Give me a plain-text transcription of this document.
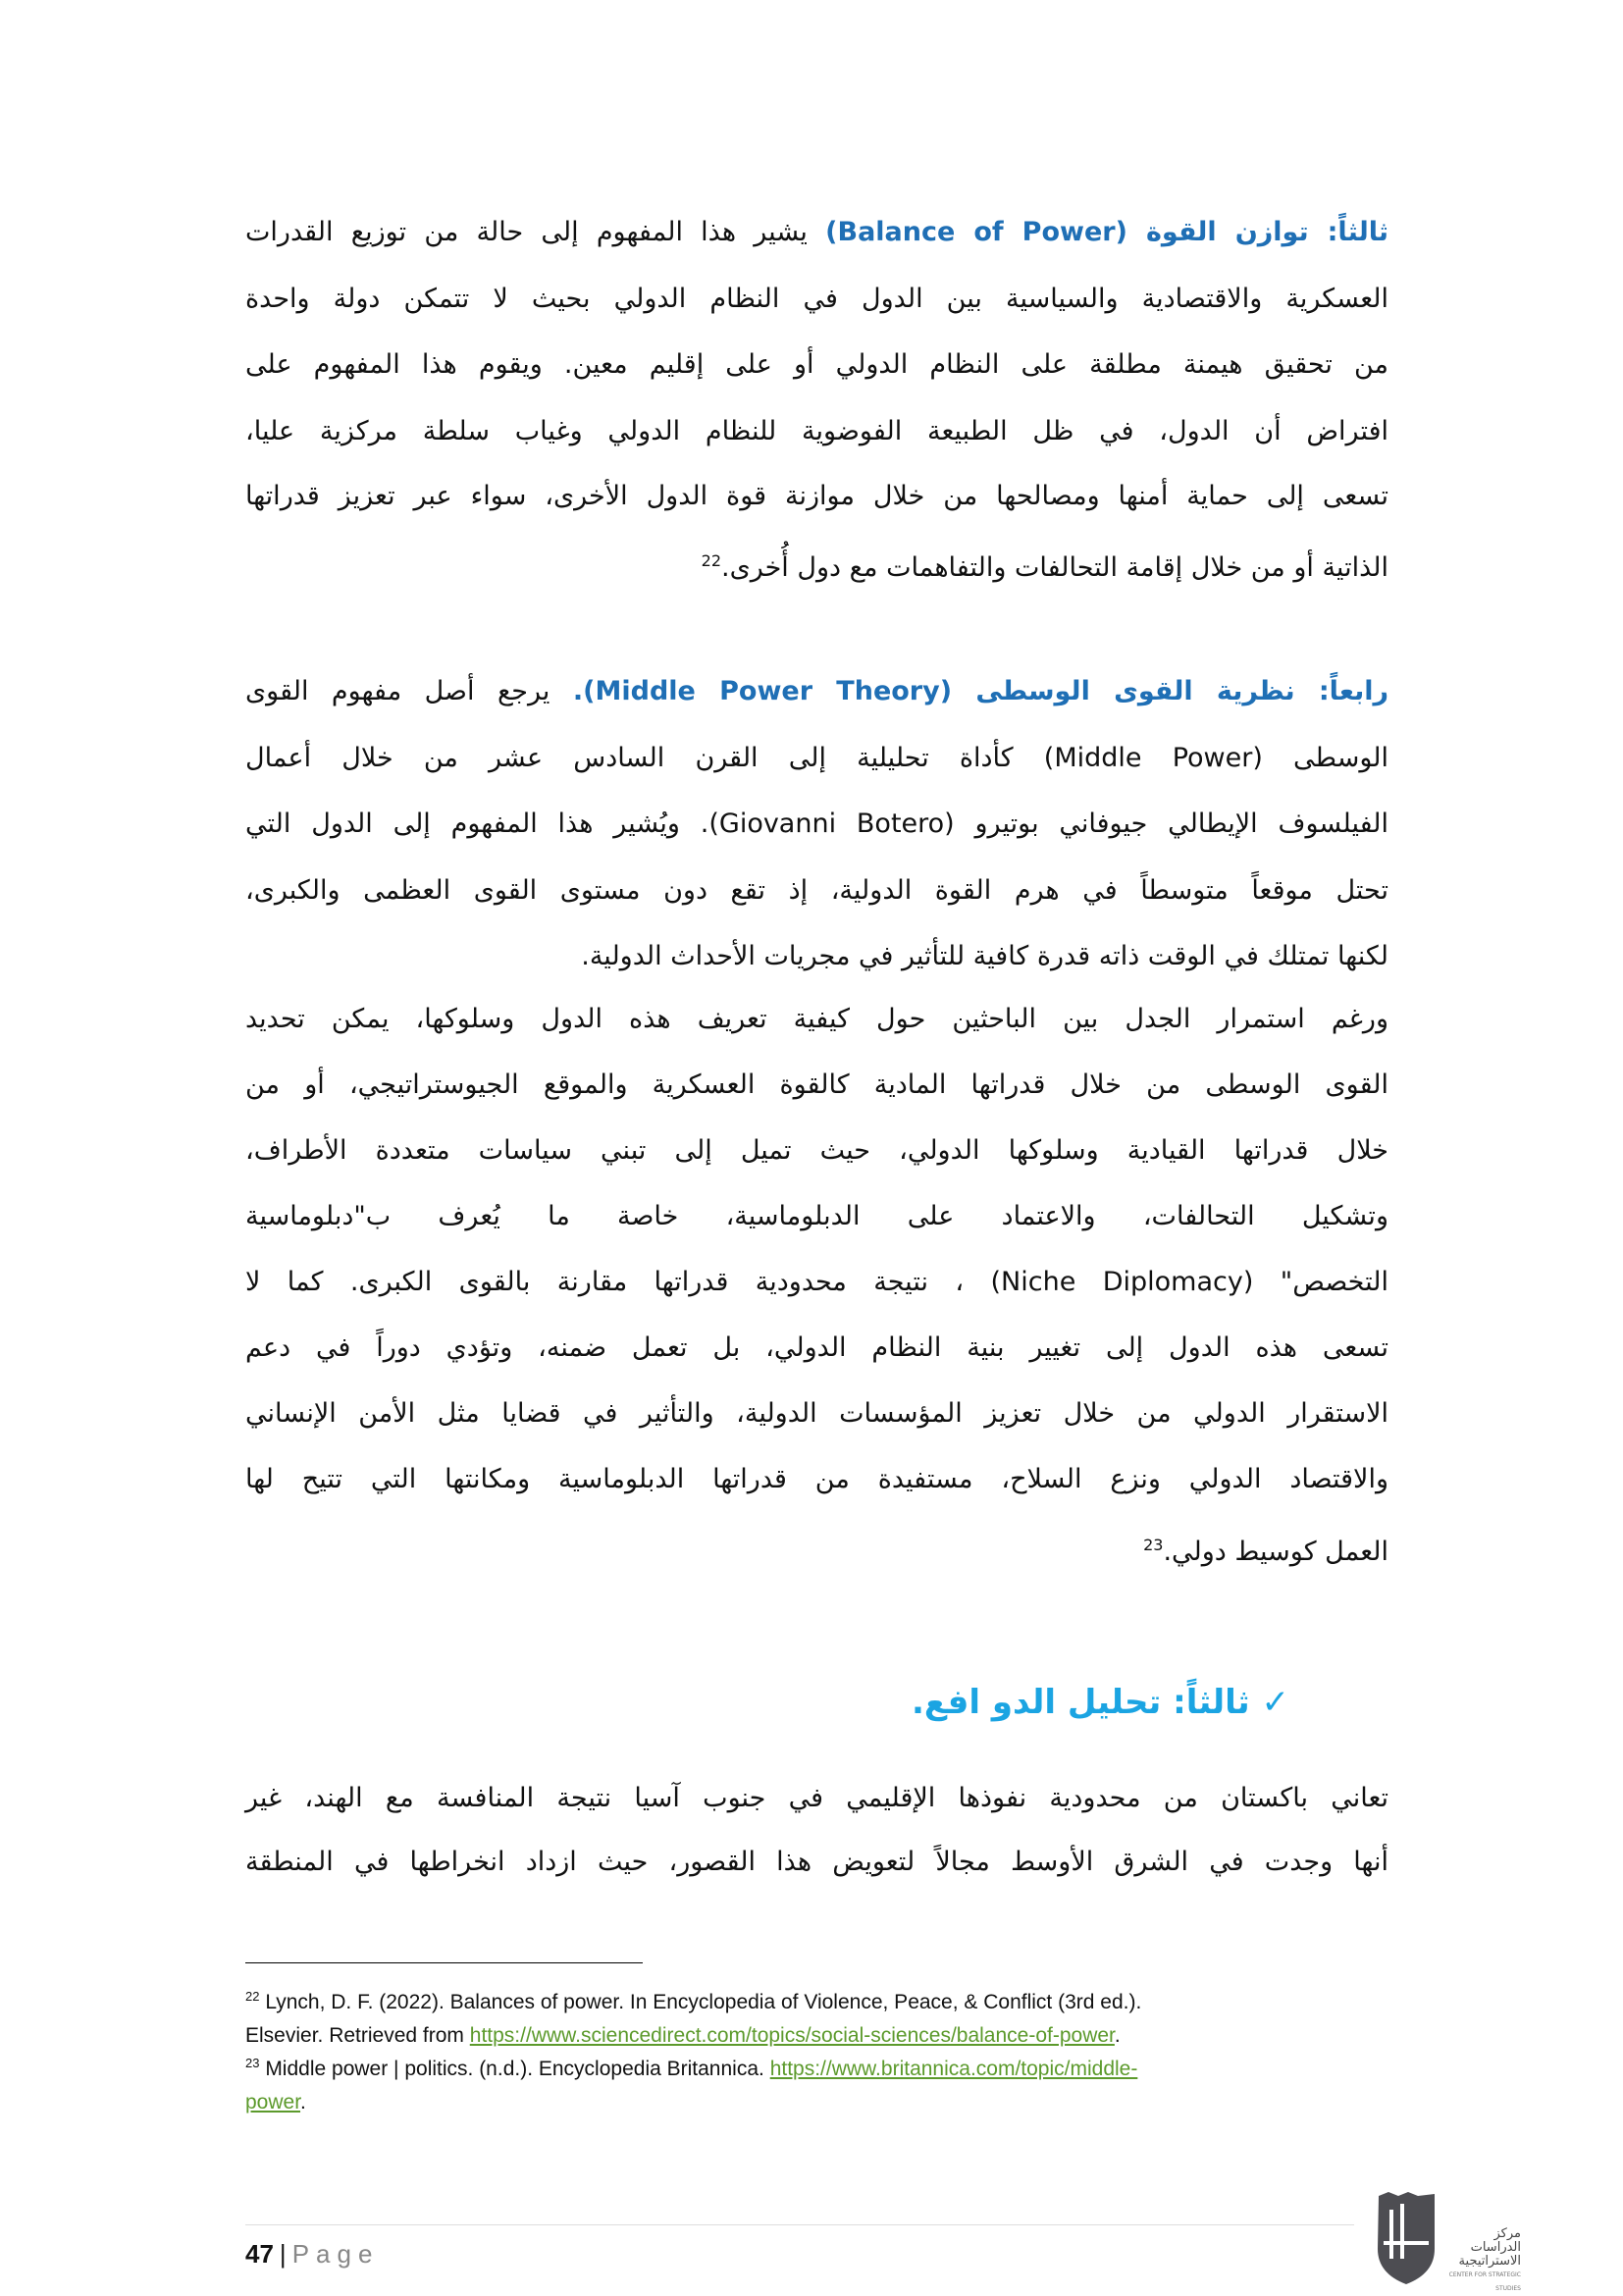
ثالثاً: توازن القوة (Balance of Power) يشير هذا المفهوم إلى حالة من توزيع القدرات
العسكرية والاقتصادية والسياسية بين الدول في النظام الدولي بحيث لا تتمكن دولة واحدة
من تحقيق هيمنة مطلقة على النظام الدولي أو على إقليم معين. ويقوم هذا المفهوم على
افتراض أن الدول، في ظل الطبيعة الفوضوية للنظام الدولي وغياب سلطة مركزية عليا،
تسعى إلى حماية أمنها ومصالحها من خلال موازنة قوة الدول الأخرى، سواء عبر تعزيز قدراتها
الذاتية أو من خلال إقامة التحالفات والتفاهمات مع دول أُخرى.$^{22}$
رابعاً: نظرية القوى الوسطى (Middle Power Theory). يرجع أصل مفهوم القوى
الوسطى (Middle Power) كأداة تحليلية إلى القرن السادس عشر من خلال أعمال
الفيلسوف الإيطالي جيوفاني بوتيرو (Giovanni Botero). ويُشير هذا المفهوم إلى الدول التي
تحتل موقعاً متوسطاً في هرم القوة الدولية، إذ تقع دون مستوى القوى العظمى والكبرى،
لكنها تمتلك في الوقت ذاته قدرة كافية للتأثير في مجريات الأحداث الدولية.
ورغم استمرار الجدل بين الباحثين حول كيفية تعريف هذه الدول وسلوكها، يمكن تحديد
القوى الوسطى من خلال قدراتها المادية كالقوة العسكرية والموقع الجيوستراتيجي، أو من
خلال قدراتها القيادية وسلوكها الدولي، حيث تميل إلى تبني سياسات متعددة الأطراف،
وتشكيل التحالفات، والاعتماد على الدبلوماسية، خاصة ما يُعرف ب"دبلوماسية
التخصص" (Niche Diplomacy) ، نتيجة محدودية قدراتها مقارنة بالقوى الكبرى. كما لا
تسعى هذه الدول إلى تغيير بنية النظام الدولي، بل تعمل ضمنه، وتؤدي دوراً في دعم
الاستقرار الدولي من خلال تعزيز المؤسسات الدولية، والتأثير في قضايا مثل الأمن الإنساني
والاقتصاد الدولي ونزع السلاح، مستفيدة من قدراتها الدبلوماسية ومكانتها التي تتيح لها
العمل كوسيط دولي.$^{23}$
✓ ثالثاً: تحليل الدو افع.
تعاني باكستان من محدودية نفوذها الإقليمي في جنوب آسيا نتيجة المنافسة مع الهند، غير
أنها وجدت في الشرق الأوسط مجالاً لتعويض هذا القصور، حيث ازداد انخراطها في المنطقة
$^{22}$ Lynch, D. F. (2022). Balances of power. In Encyclopedia of Violence, Peace, & Conflict (3rd ed.).
Elsevier. Retrieved from https://www.sciencedirect.com/topics/social-sciences/balance-of-power.
$^{23}$ Middle power | politics. (n.d.). Encyclopedia Britannica. https://www.britannica.com/topic/middle-
power.
47 | Page
مركز الدراسات
الاستراتيجية
CENTER FOR STRATEGIC STUDIES
